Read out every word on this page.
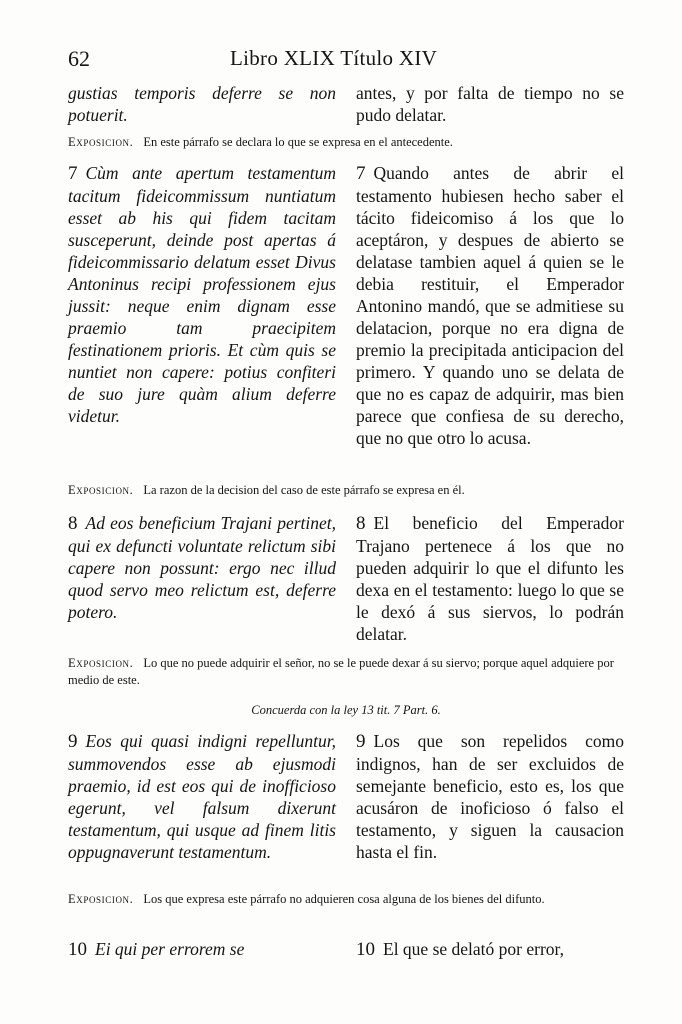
62	Libro XLIX Título XIV

gustias temporis deferre se non potuerit.

antes, y por falta de tiempo no se pudo delatar.

Exposicion. En este párrafo se declara lo que se expresa en el antecedente.

7 Cùm ante apertum testamentum tacitum fideicommissum nuntiatum esset ab his qui fidem tacitam susceperunt, deinde post apertas á fideicommissario delatum esset Divus Antoninus recipi professionem ejus jussit: neque enim dignam esse praemio tam praecipitem festinationem prioris. Et cùm quis se nuntiet non capere: potius confiteri de suo jure quàm alium deferre videtur.

7 Quando antes de abrir el testamento hubiesen hecho saber el tácito fideicomiso á los que lo aceptáron, y despues de abierto se delatase tambien aquel á quien se le debia restituir, el Emperador Antonino mandó, que se admitiese su delatacion, porque no era digna de premio la precipitada anticipacion del primero. Y quando uno se delata de que no es capaz de adquirir, mas bien parece que confiesa de su derecho, que no que otro lo acusa.

Exposicion. La razon de la decision del caso de este párrafo se expresa en él.

8 Ad eos beneficium Trajani pertinet, qui ex defuncti voluntate relictum sibi capere non possunt: ergo nec illud quod servo meo relictum est, deferre potero.

8 El beneficio del Emperador Trajano pertenece á los que no pueden adquirir lo que el difunto les dexa en el testamento: luego lo que se le dexó á sus siervos, lo podrán delatar.

Exposicion. Lo que no puede adquirir el señor, no se le puede dexar á su siervo; porque aquel adquiere por medio de este.
Concuerda con la ley 13 tit. 7 Part. 6.

9 Eos qui quasi indigni repelluntur, summovendos esse ab ejusmodi praemio, id est eos qui de inofficioso egerunt, vel falsum dixerunt testamentum, qui usque ad finem litis oppugnaverunt testamentum.

9 Los que son repelidos como indignos, han de ser excluidos de semejante beneficio, esto es, los que acusáron de inoficioso ó falso el testamento, y siguen la causacion hasta el fin.

Exposicion. Los que expresa este párrafo no adquieren cosa alguna de los bienes del difunto.

10 Ei qui per errorem se	10 El que se delató por error,
